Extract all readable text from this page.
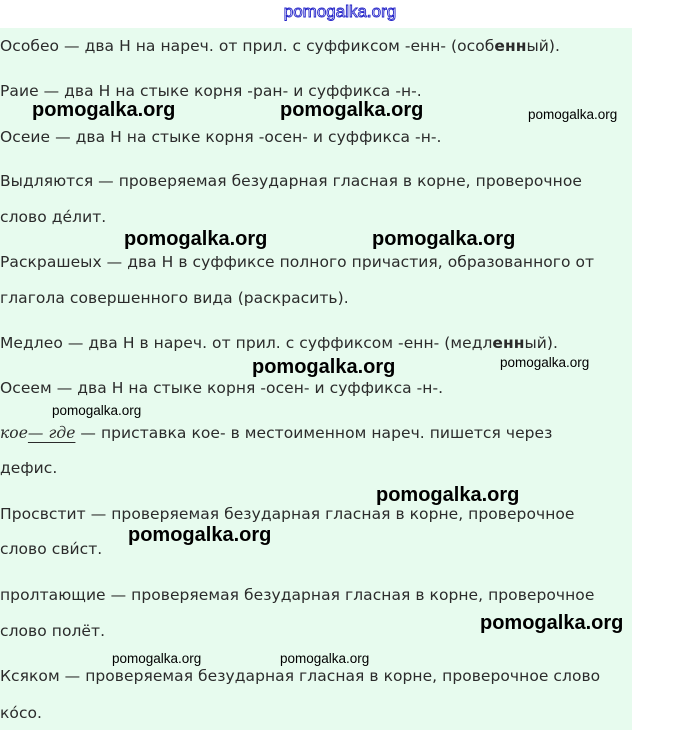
pomogalka.org
Особео — два Н на нареч. от прил. с суффиксом -енн- (особенный).
Раие — два Н на стыке корня -ран- и суффикса -н-.
Осеие — два Н на стыке корня -осен- и суффикса -н-.
Выдляются — проверяемая безударная гласная в корне, проверочное
слово де́лит.
Раскрашеых — два Н в суффиксе полного причастия, образованного от
глагола совершенного вида (раскрасить).
Медлео — два Н в нареч. от прил. с суффиксом -енн- (медленный).
Осеем — два Н на стыке корня -осен- и суффикса -н-.
кое— где — приставка кое- в местоименном нареч. пишется через
дефис.
Просвстит — проверяемая безударная гласная в корне, проверочное
слово сви́ст.
пролтающие — проверяемая безударная гласная в корне, проверочное
слово полёт.
Ксяком — проверяемая безударная гласная в корне, проверочное слово
ко́со.
pomogalka.org	pomogalka.org	pomogalka.org
pomogalka.org	pomogalka.org
pomogalka.org	pomogalka.org
pomogalka.org
pomogalka.org
pomogalka.org
pomogalka.org
pomogalka.org	pomogalka.org
